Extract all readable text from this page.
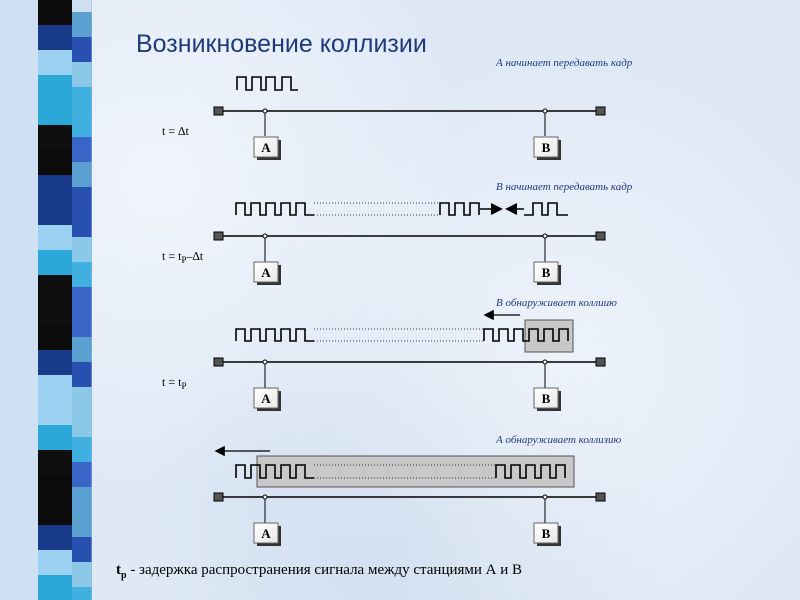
Возникновение коллизии
А начинает передавать кадр
A	B
t = ∆t
В начинает передавать кадр
A	B
$t = t_P-\Delta t$
В обнаруживает коллиию
A	B
$t = t_P$
А обнаруживает коллизию
A	B
$t_p$ - задержка распространения сигнала между станциями А и В
